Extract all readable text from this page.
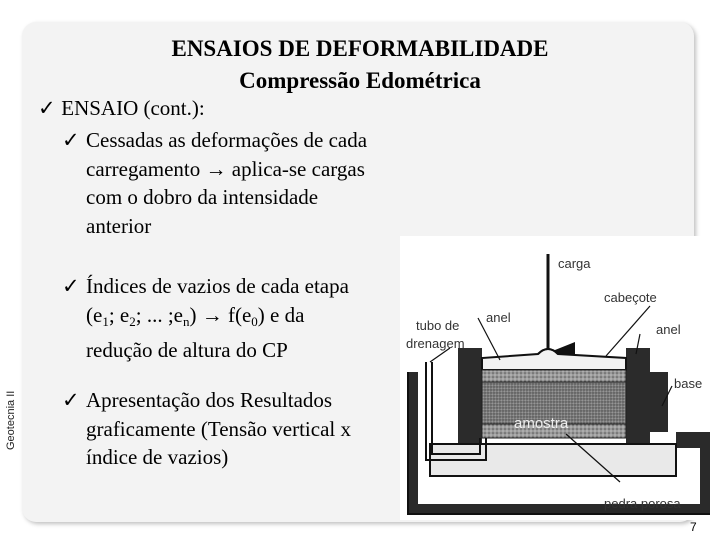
Geotecnia II
ENSAIOS DE DEFORMABILIDADE
Compressão Edométrica
✓ ENSAIO (cont.):
✓ Cessadas as deformações de cada
carregamento → aplica-se cargas
com o dobro da intensidade
anterior
✓ Índices de vazios de cada etapa
($e_1$; $e_2$; ... $;e_n) \to f(e_0)$ e da
redução de altura do CP
✓ Apresentação dos Resultados
graficamente (Tensão vertical x
índice de vazios)
carga
cabeçote
anel
anel
tubo de
drenagem
base
amostra
pedra porosa
7
